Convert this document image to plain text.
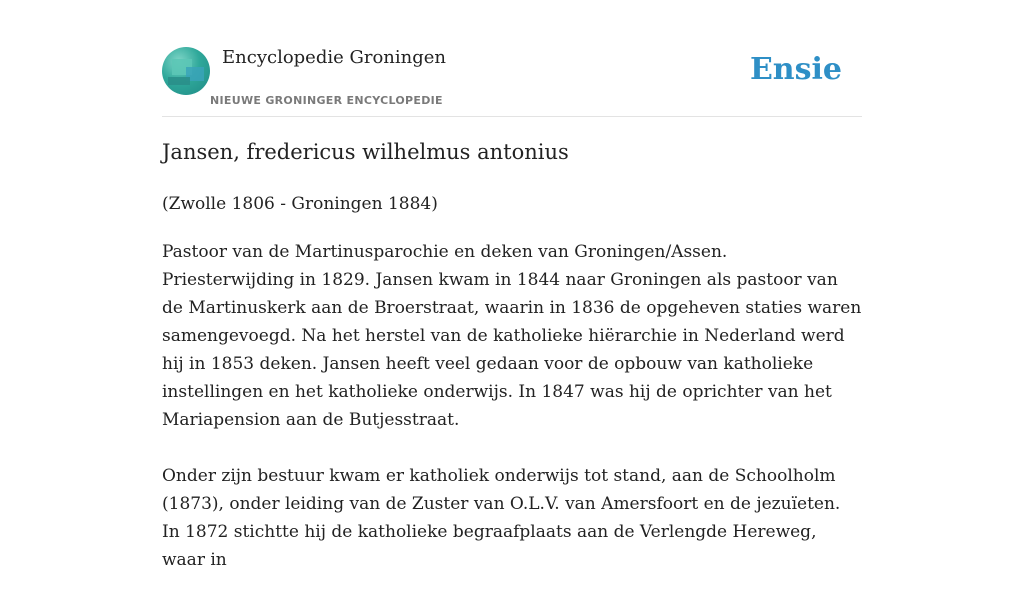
Encyclopedie Groningen
NIEUWE GRONINGER ENCYCLOPEDIE
Ensie
Jansen, fredericus wilhelmus antonius

(Zwolle 1806 - Groningen 1884)

Pastoor van de Martinusparochie en deken van Groningen/Assen. Priesterwijding in 1829. Jansen kwam in 1844 naar Groningen als pastoor van de Martinuskerk aan de Broerstraat, waarin in 1836 de opgeheven staties waren samengevoegd. Na het herstel van de katholieke hiërarchie in Nederland werd hij in 1853 deken. Jansen heeft veel gedaan voor de opbouw van katholieke instellingen en het katholieke onderwijs. In 1847 was hij de oprichter van het Mariapension aan de Butjesstraat.

Onder zijn bestuur kwam er katholiek onderwijs tot stand, aan de Schoolholm (1873), onder leiding van de Zuster van O.L.V. van Amersfoort en de jezuïeten. In 1872 stichtte hij de katholieke begraafplaats aan de Verlengde Hereweg, waar in
